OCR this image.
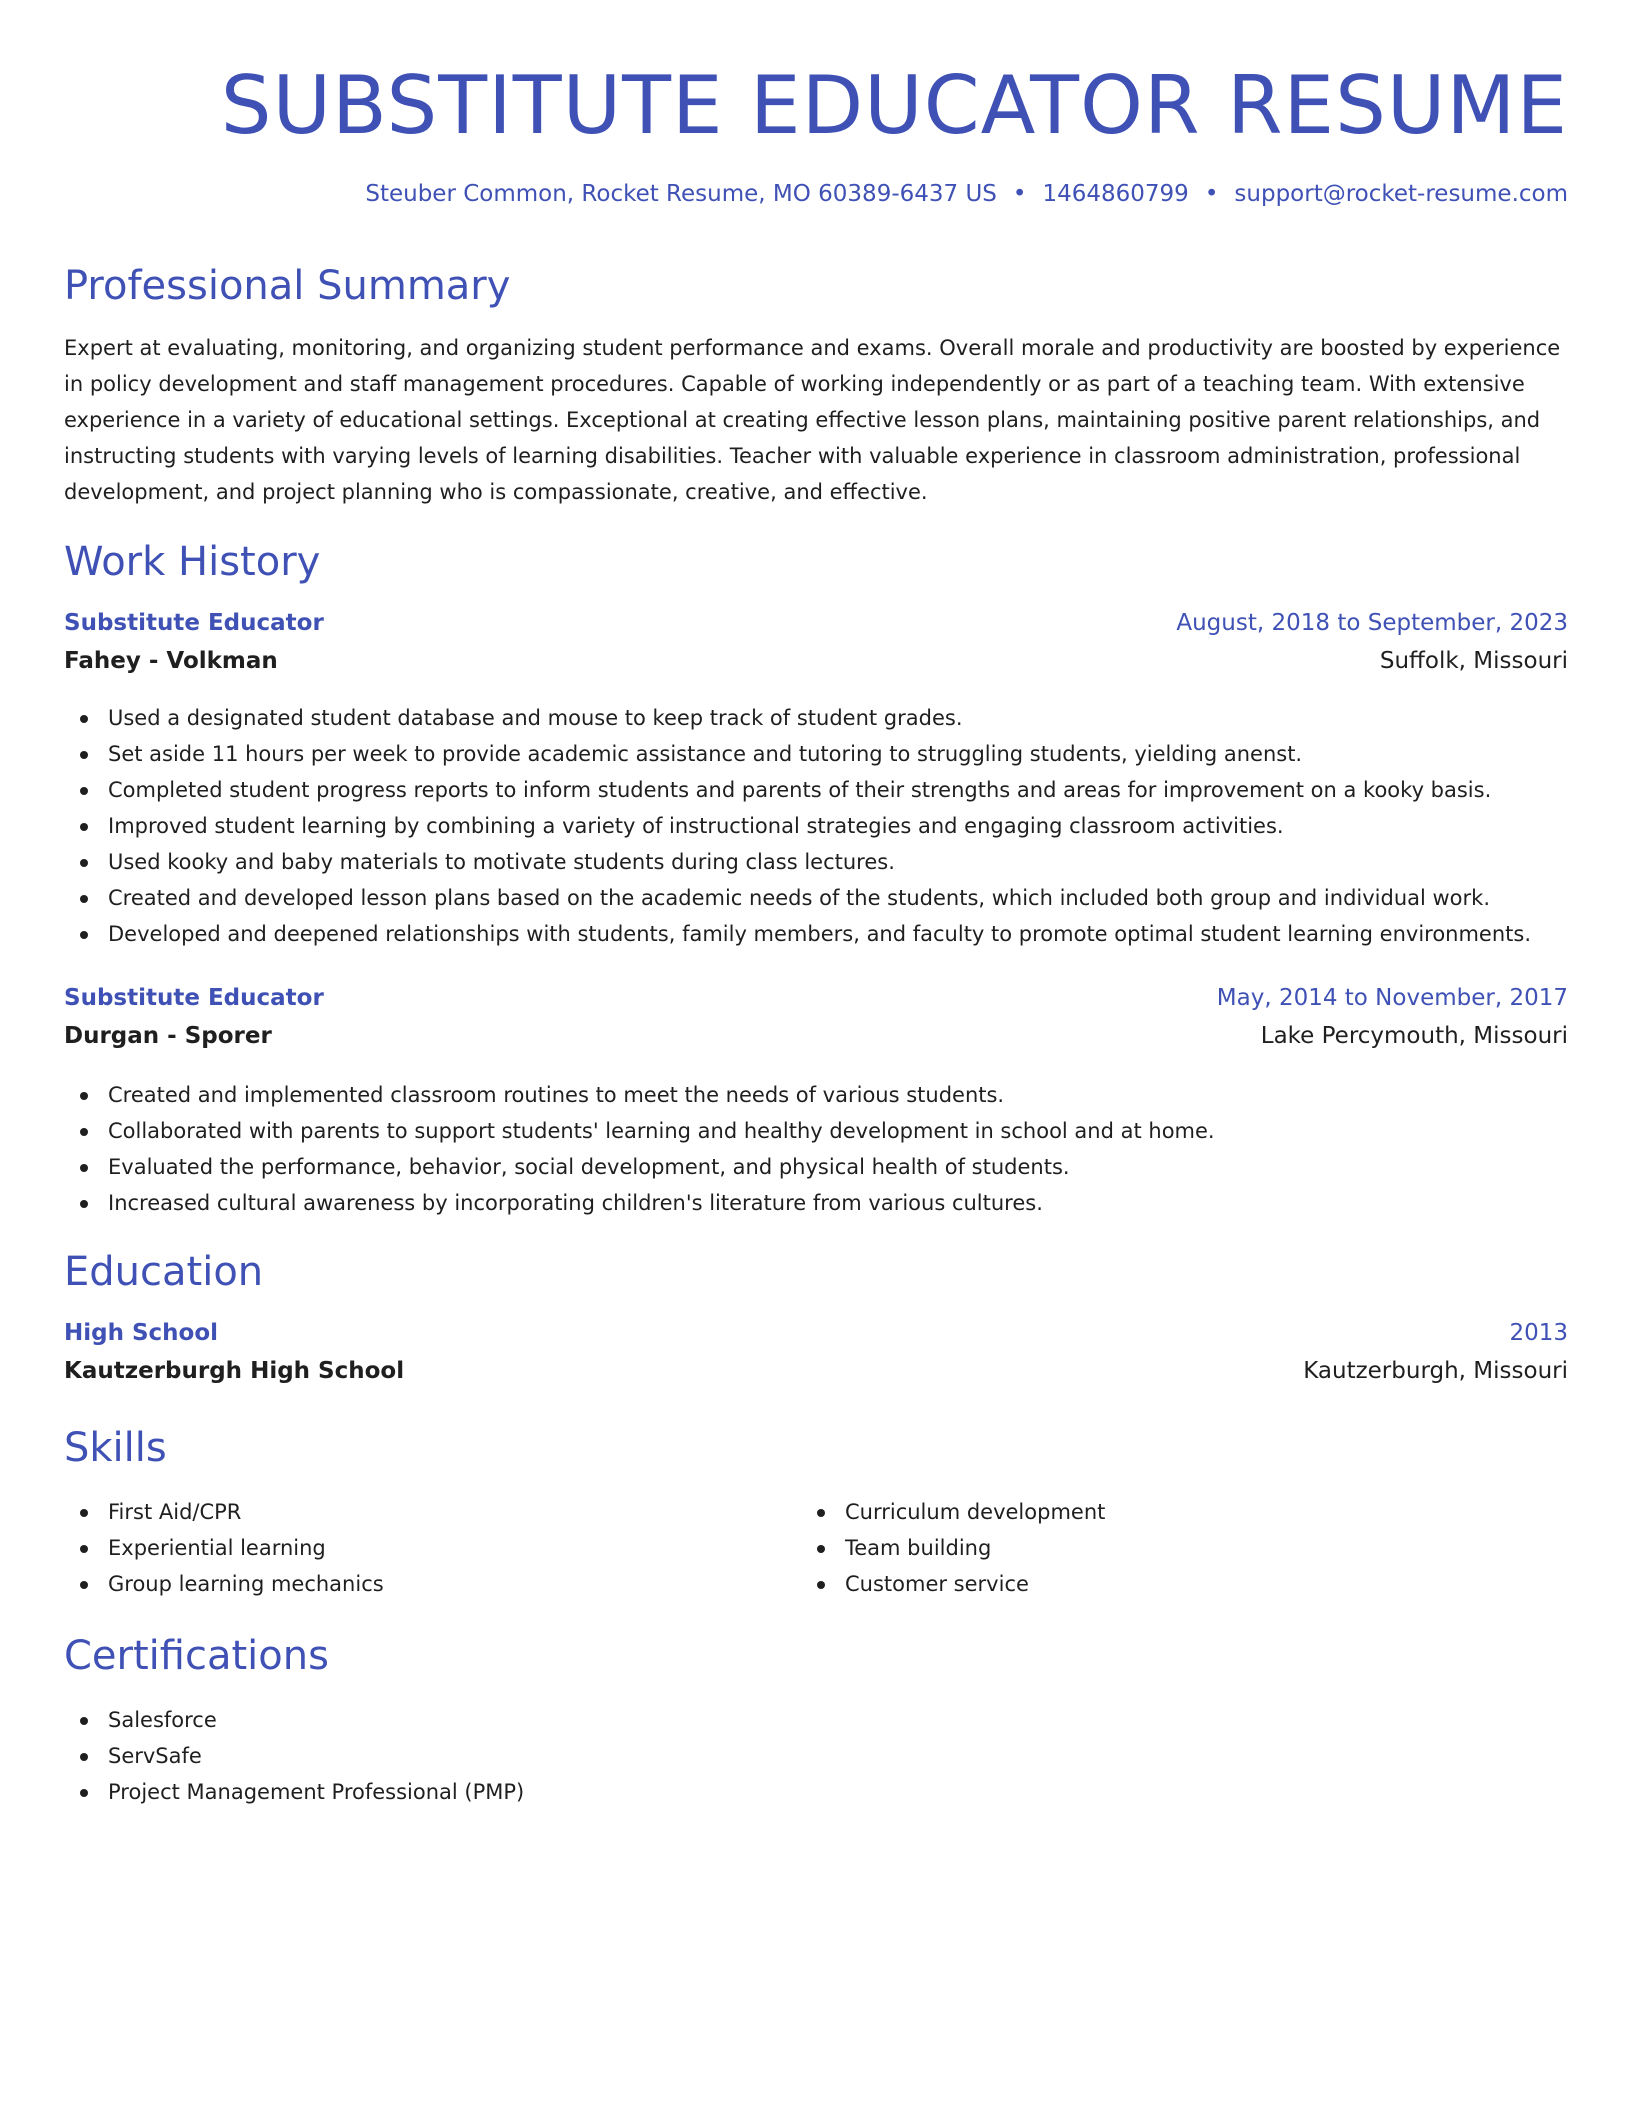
SUBSTITUTE EDUCATOR RESUME
Steuber Common, Rocket Resume, MO 60389-6437 US • 1464860799 • support@rocket-resume.com
Professional Summary

Expert at evaluating, monitoring, and organizing student performance and exams. Overall morale and productivity are boosted by experience

in policy development and staff management procedures. Capable of working independently or as part of a teaching team. With extensive

experience in a variety of educational settings. Exceptional at creating effective lesson plans, maintaining positive parent relationships, and

instructing students with varying levels of learning disabilities. Teacher with valuable experience in classroom administration, professional

development, and project planning who is compassionate, creative, and effective.

Work History
Substitute Educator	August, 2018 to September, 2023
Fahey - Volkman	Suffolk, Missouri
Used a designated student database and mouse to keep track of student grades.
Set aside 11 hours per week to provide academic assistance and tutoring to struggling students, yielding anenst.
Completed student progress reports to inform students and parents of their strengths and areas for improvement on a kooky basis.
Improved student learning by combining a variety of instructional strategies and engaging classroom activities.
Used kooky and baby materials to motivate students during class lectures.
Created and developed lesson plans based on the academic needs of the students, which included both group and individual work.
Developed and deepened relationships with students, family members, and faculty to promote optimal student learning environments.
Substitute Educator	May, 2014 to November, 2017
Durgan - Sporer	Lake Percymouth, Missouri
Created and implemented classroom routines to meet the needs of various students.
Collaborated with parents to support students' learning and healthy development in school and at home.
Evaluated the performance, behavior, social development, and physical health of students.
Increased cultural awareness by incorporating children's literature from various cultures.
Education
High School	2013
Kautzerburgh High School	Kautzerburgh, Missouri
Skills
First Aid/CPR
Experiential learning
Group learning mechanics
Curriculum development
Team building
Customer service
Certifications
Salesforce
ServSafe
Project Management Professional (PMP)
